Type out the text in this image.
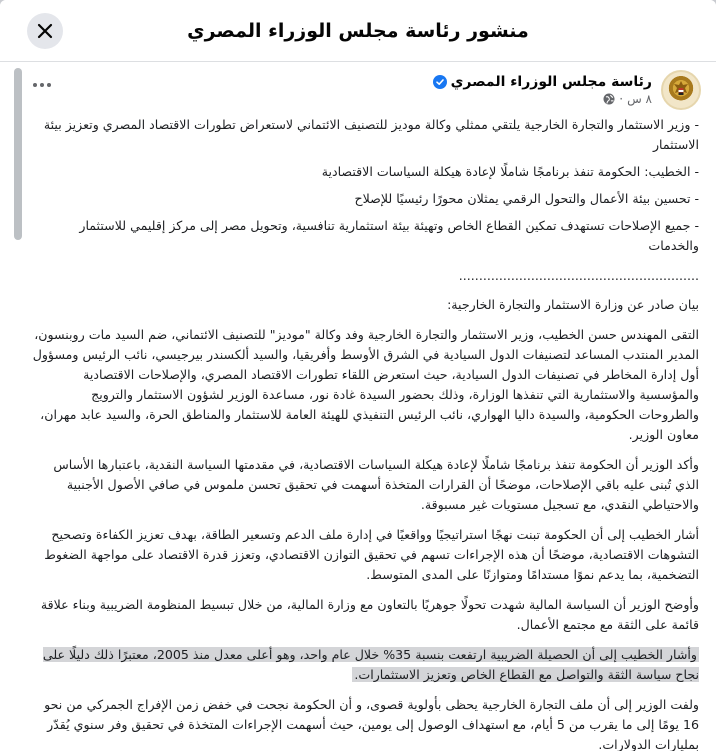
منشور رئاسة مجلس الوزراء المصري
رئاسة مجلس الوزراء المصري
٨ س
·

- وزير الاستثمار والتجارة الخارجية يلتقي ممثلي وكالة موديز للتصنيف الائتماني لاستعراض تطورات الاقتصاد المصري وتعزيز بيئة الاستثمار

- الخطيب: الحكومة تنفذ برنامجًا شاملًا لإعادة هيكلة السياسات الاقتصادية

- تحسين بيئة الأعمال والتحول الرقمي يمثلان محورًا رئيسيًا للإصلاح

- جميع الإصلاحات تستهدف تمكين القطاع الخاص وتهيئة بيئة استثمارية تنافسية، وتحويل مصر إلى مركز إقليمي للاستثمار والخدمات

............................................................

بيان صادر عن وزارة الاستثمار والتجارة الخارجية:

التقى المهندس حسن الخطيب، وزير الاستثمار والتجارة الخارجية وفد وكالة "موديز" للتصنيف الائتماني، ضم السيد مات روبنسون، المدير المنتدب المساعد لتصنيفات الدول السيادية في الشرق الأوسط وأفريقيا، والسيد ألكسندر بيرجيسي، نائب الرئيس ومسؤول أول إدارة المخاطر في تصنيفات الدول السيادية، حيث استعرض اللقاء تطورات الاقتصاد المصري، والإصلاحات الاقتصادية والمؤسسية والاستثمارية التي تنفذها الوزارة، وذلك بحضور السيدة غادة نور، مساعدة الوزير لشؤون الاستثمار والترويج والطروحات الحكومية، والسيدة داليا الهواري، نائب الرئيس التنفيذي للهيئة العامة للاستثمار والمناطق الحرة، والسيد عابد مهران، معاون الوزير.

وأكد الوزير أن الحكومة تنفذ برنامجًا شاملًا لإعادة هيكلة السياسات الاقتصادية، في مقدمتها السياسة النقدية، باعتبارها الأساس الذي تُبنى عليه باقي الإصلاحات، موضحًا أن القرارات المتخذة أسهمت في تحقيق تحسن ملموس في صافي الأصول الأجنبية والاحتياطي النقدي، مع تسجيل مستويات غير مسبوقة.

أشار الخطيب إلى أن الحكومة تبنت نهجًا استراتيجيًا وواقعيًا في إدارة ملف الدعم وتسعير الطاقة، بهدف تعزيز الكفاءة وتصحيح التشوهات الاقتصادية، موضحًا أن هذه الإجراءات تسهم في تحقيق التوازن الاقتصادي، وتعزز قدرة الاقتصاد على مواجهة الضغوط التضخمية، بما يدعم نموًا مستدامًا ومتوازنًا على المدى المتوسط.

وأوضح الوزير أن السياسة المالية شهدت تحولًا جوهريًا بالتعاون مع وزارة المالية، من خلال تبسيط المنظومة الضريبية وبناء علاقة قائمة على الثقة مع مجتمع الأعمال.

وأشار الخطيب إلى أن الحصيلة الضريبية ارتفعت بنسبة 35% خلال عام واحد، وهو أعلى معدل منذ 2005، معتبرًا ذلك دليلًا على نجاح سياسة الثقة والتواصل مع القطاع الخاص وتعزيز الاستثمارات.

ولفت الوزير إلى أن ملف التجارة الخارجية يحظى بأولوية قصوى، و أن الحكومة نجحت في خفض زمن الإفراج الجمركي من نحو 16 يومًا إلى ما يقرب من 5 أيام، مع استهداف الوصول إلى يومين، حيث أسهمت الإجراءات المتخذة في تحقيق وفر سنوي يُقدّر بمليارات الدولارات.
